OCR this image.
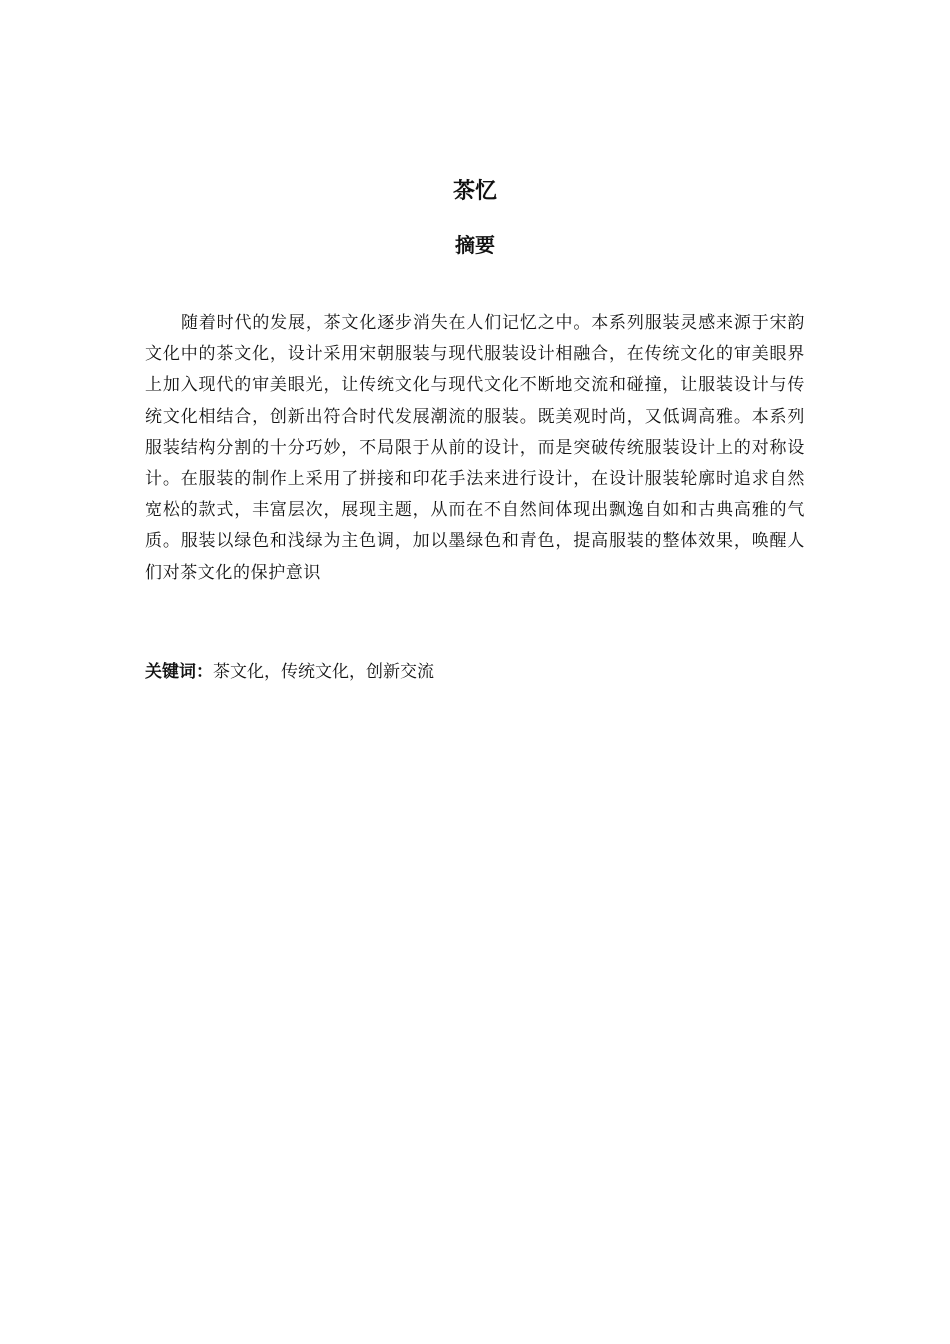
茶忆
摘要

随着时代的发展，茶文化逐步消失在人们记忆之中。本系列服装灵感来源于宋韵文化中的茶文化，设计采用宋朝服装与现代服装设计相融合，在传统文化的审美眼界上加入现代的审美眼光，让传统文化与现代文化不断地交流和碰撞，让服装设计与传统文化相结合，创新出符合时代发展潮流的服装。既美观时尚，又低调高雅。本系列服装结构分割的十分巧妙，不局限于从前的设计，而是突破传统服装设计上的对称设计。在服装的制作上采用了拼接和印花手法来进行设计，在设计服装轮廓时追求自然宽松的款式，丰富层次，展现主题，从而在不自然间体现出飘逸自如和古典高雅的气质。服装以绿色和浅绿为主色调，加以墨绿色和青色，提高服装的整体效果，唤醒人们对茶文化的保护意识

关键词：茶文化，传统文化，创新交流
